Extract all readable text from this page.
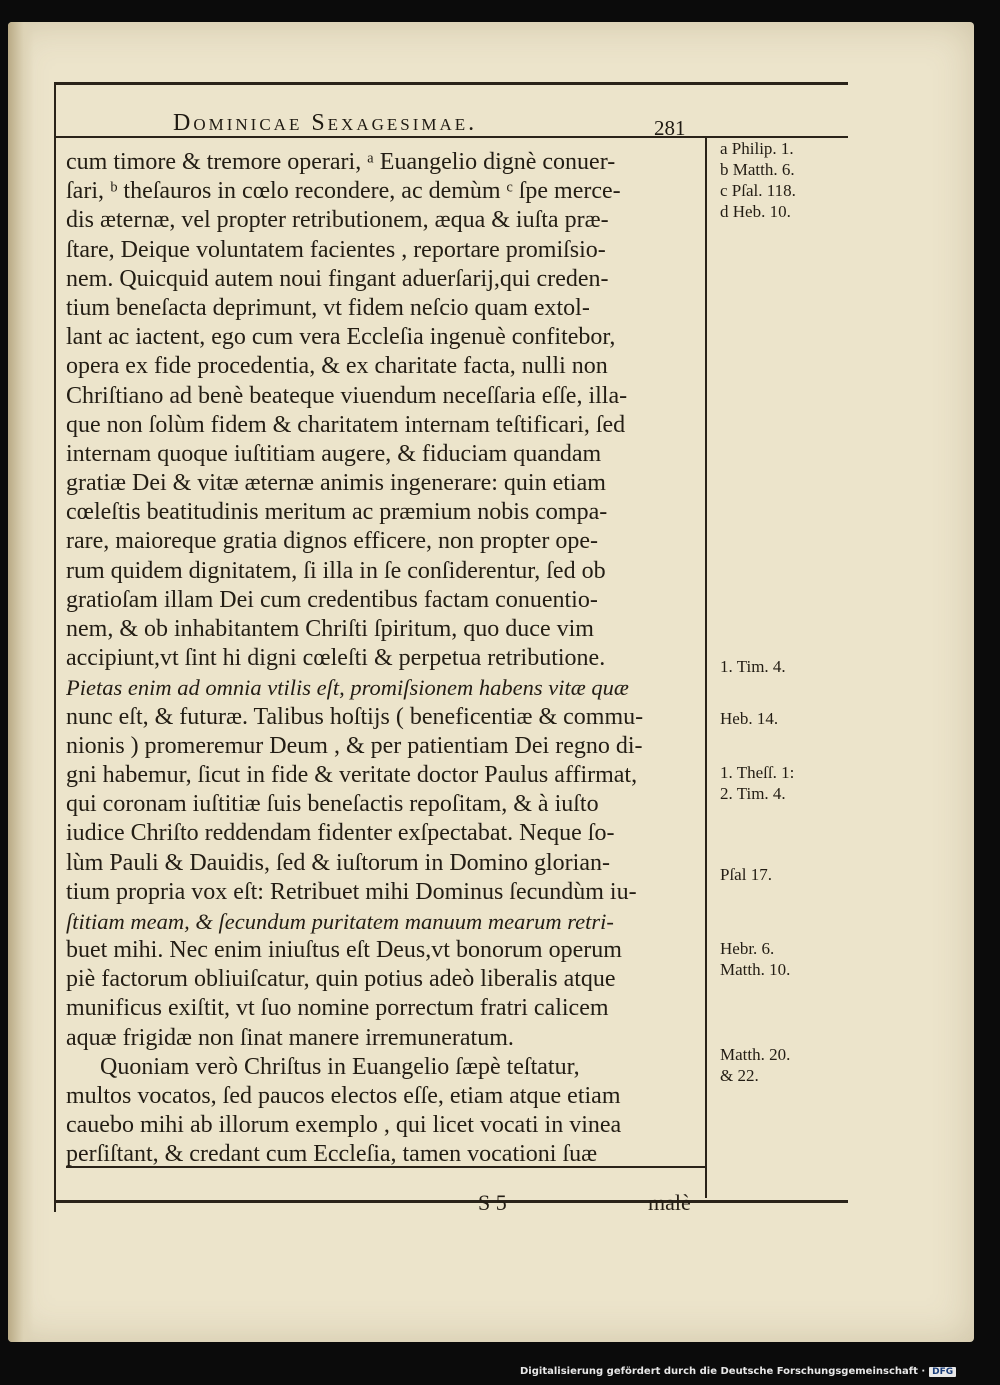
Dominicae Sexagesimae.	281
cum timore & tremore operari, ᵃ Euangelio dignè conuer-
ſari, ᵇ theſauros in cœlo recondere, ac demùm ᶜ ſpe merce-
dis æternæ, vel propter retributionem, æqua & iuſta præ-
ſtare, Deique voluntatem facientes , reportare promiſsio-
nem. Quicquid autem noui fingant aduerſarij,qui creden-
tium beneſacta deprimunt, vt fidem neſcio quam extol-
lant ac iactent, ego cum vera Eccleſia ingenuè confitebor,
opera ex fide procedentia, & ex charitate facta, nulli non
Chriſtiano ad benè beateque viuendum neceſſaria eſſe, illa-
que non ſolùm fidem & charitatem internam teſtificari, ſed
internam quoque iuſtitiam augere, & fiduciam quandam
gratiæ Dei & vitæ æternæ animis ingenerare: quin etiam
cœleſtis beatitudinis meritum ac præmium nobis compa-
rare, maioreque gratia dignos efficere, non propter ope-
rum quidem dignitatem, ſi illa in ſe conſiderentur, ſed ob
gratioſam illam Dei cum credentibus factam conuentio-
nem, & ob inhabitantem Chriſti ſpiritum, quo duce vim
accipiunt,vt ſint hi digni cœleſti & perpetua retributione.
Pietas enim ad omnia vtilis eſt, promiſsionem habens vitæ quæ
nunc eſt, & futuræ. Talibus hoſtijs ( beneficentiæ & commu-
nionis ) promeremur Deum , & per patientiam Dei regno di-
gni habemur, ſicut in fide & veritate doctor Paulus affirmat,
qui coronam iuſtitiæ ſuis beneſactis repoſitam, & à iuſto
iudice Chriſto reddendam fidenter exſpectabat. Neque ſo-
lùm Pauli & Dauidis, ſed & iuſtorum in Domino glorian-
tium propria vox eſt: Retribuet mihi Dominus ſecundùm iu-
ſtitiam meam, & ſecundum puritatem manuum mearum retri-
buet mihi. Nec enim iniuſtus eſt Deus,vt bonorum operum
piè factorum obliuiſcatur, quin potius adeò liberalis atque
munificus exiſtit, vt ſuo nomine porrectum fratri calicem
aquæ frigidæ non ſinat manere irremuneratum.
Quoniam verò Chriſtus in Euangelio ſæpè teſtatur,
multos vocatos, ſed paucos electos eſſe, etiam atque etiam
cauebo mihi ab illorum exemplo , qui licet vocati in vinea
perſiſtant, & credant cum Eccleſia, tamen vocationi ſuæ
a Philip. 1.
b Matth. 6.
c Pſal. 118.
d Heb. 10.
1. Tim. 4.
Heb. 14.
1. Theſſ. 1:
2. Tim. 4.
Pſal 17.
Hebr. 6.
Matth. 10.
Matth. 20.
& 22.
S 5	malè
Digitalisierung gefördert durch die Deutsche Forschungsgemeinschaft · DFG
